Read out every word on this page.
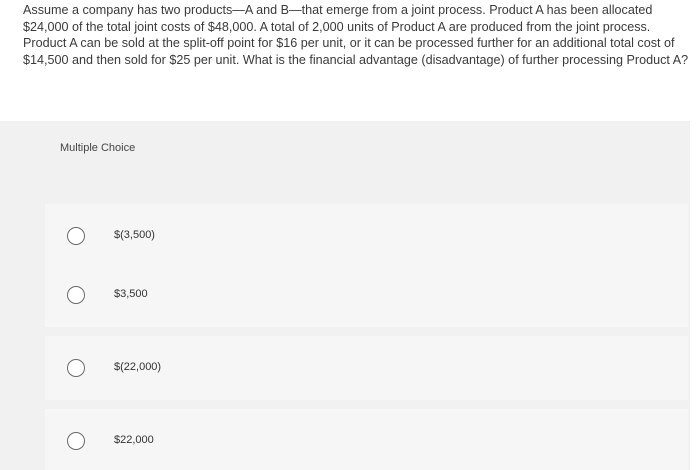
Assume a company has two products—A and B—that emerge from a joint process. Product A has been allocated $24,000 of the total joint costs of $48,000. A total of 2,000 units of Product A are produced from the joint process. Product A can be sold at the split-off point for $16 per unit, or it can be processed further for an additional total cost of $14,500 and then sold for $25 per unit. What is the financial advantage (disadvantage) of further processing Product A?
Multiple Choice
$(3,500)
$3,500
$(22,000)
$22,000
